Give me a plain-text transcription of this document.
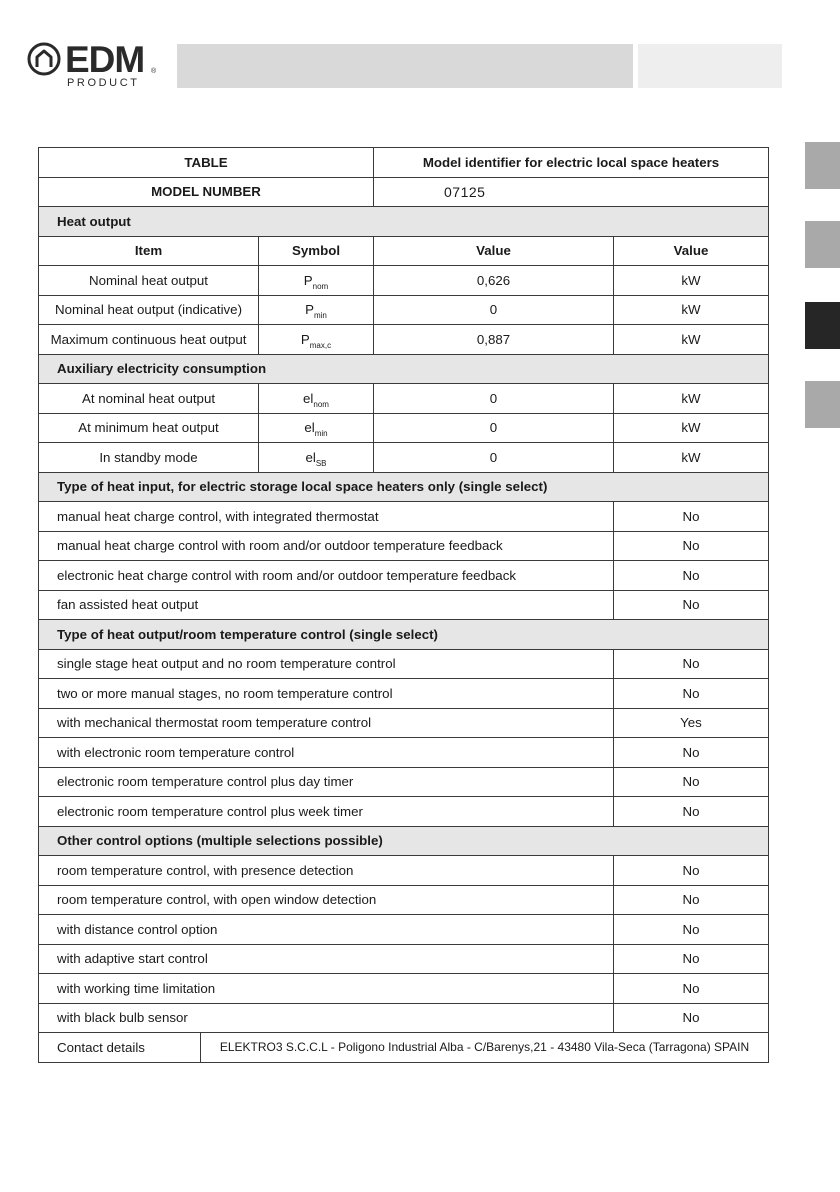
EDM ®
PRODUCT
TABLE			Model identifier for electric local space heaters	
MODEL NUMBER			07125	
Heat output				
Item		Symbol	Value	Value
Nominal heat output		$P_{nom}$	0,626	kW
Nominal heat output (indicative)		$P_{min}$	0	kW
Maximum continuous heat output		$P_{max,c}$	0,887	kW
Auxiliary electricity consumption				
At nominal heat output		$el_{nom}$	0	kW
At minimum heat output		$el_{min}$	0	kW
In standby mode		$el_{SB}$	0	kW
Type of heat input, for electric storage local space heaters only (single select)				
manual heat charge control, with integrated thermostat				No
manual heat charge control with room and/or outdoor temperature feedback				No
electronic heat charge control with room and/or outdoor temperature feedback				No
fan assisted heat output				No
Type of heat output/room temperature control (single select)				
single stage heat output and no room temperature control				No
two or more manual stages, no room temperature control				No
with mechanical thermostat room temperature control				Yes
with electronic room temperature control				No
electronic room temperature control plus day timer				No
electronic room temperature control plus week timer				No
Other control options (multiple selections possible)				
room temperature control, with presence detection				No
room temperature control, with open window detection				No
with distance control option				No
with adaptive start control				No
with working time limitation				No
with black bulb sensor				No
Contact details	ELEKTRO3 S.C.C.L - Poligono Industrial Alba - C/Barenys,21 - 43480 Vila-Seca (Tarragona) SPAIN			
